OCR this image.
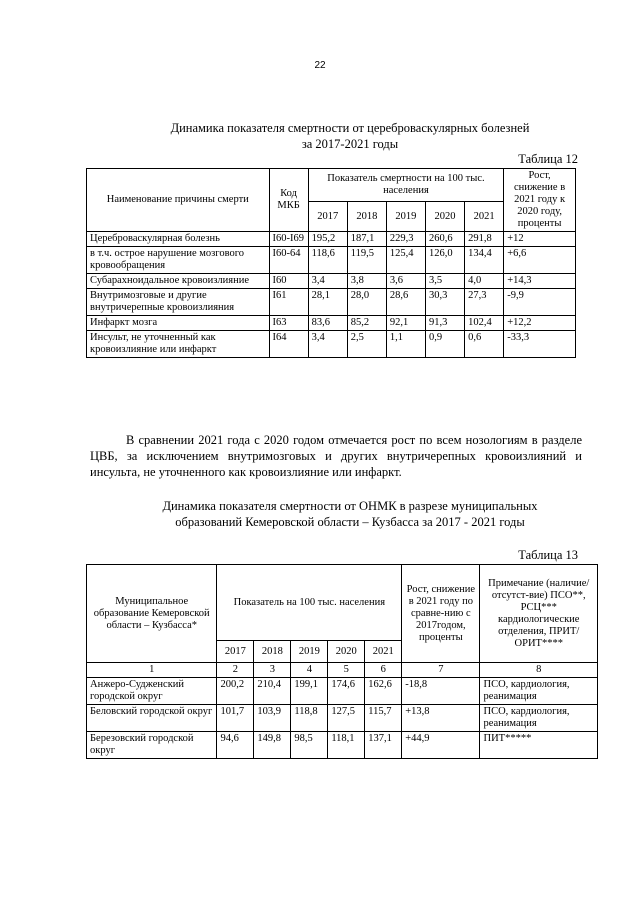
22
Динамика показателя смертности от цереброваскулярных болезней
за 2017-2021 годы
Таблица 12
Наименование причины смерти	Код МКБ	Показатель смертности на 100 тыс. населения					Рост, снижение в 2021 году к 2020 году, проценты
		2017	2018	2019	2020	2021	
Цереброваскулярная болезнь	I60-I69	195,2	187,1	229,3	260,6	291,8	+12
в т.ч. острое нарушение мозгового кровообращения	I60-64	118,6	119,5	125,4	126,0	134,4	+6,6
Субарахноидальное кровоизлияние	I60	3,4	3,8	3,6	3,5	4,0	+14,3
Внутримозговые и другие внутричерепные кровоизлияния	I61	28,1	28,0	28,6	30,3	27,3	-9,9
Инфаркт мозга	I63	83,6	85,2	92,1	91,3	102,4	+12,2
Инсульт, не уточненный как кровоизлияние или инфаркт	I64	3,4	2,5	1,1	0,9	0,6	-33,3

В сравнении 2021 года с 2020 годом отмечается рост по всем нозологиям в разделе ЦВБ, за исключением внутримозговых и других внутричерепных кровоизлияний и инсульта, не уточненного как кровоизлияние или инфаркт.

Динамика показателя смертности от ОНМК в разрезе муниципальных
образований Кемеровской области – Кузбасса за 2017 - 2021 годы
Таблица 13
Муниципальное образование Кемеровской области – Кузбасса*	Показатель на 100 тыс. населения					Рост, снижение в 2021 году по сравне-нию с 2017годом, проценты	Примечание (наличие/отсутст-вие) ПСО**, РСЦ*** кардиологические отделения, ПРИТ/ОРИТ****
	2017	2018	2019	2020	2021		
1	2	3	4	5	6	7	8
Анжеро-Судженский городской округ	200,2	210,4	199,1	174,6	162,6	-18,8	ПСО, кардиология, реанимация
Беловский городской округ	101,7	103,9	118,8	127,5	115,7	+13,8	ПСО, кардиология, реанимация
Березовский городской округ	94,6	149,8	98,5	118,1	137,1	+44,9	ПИТ*****
